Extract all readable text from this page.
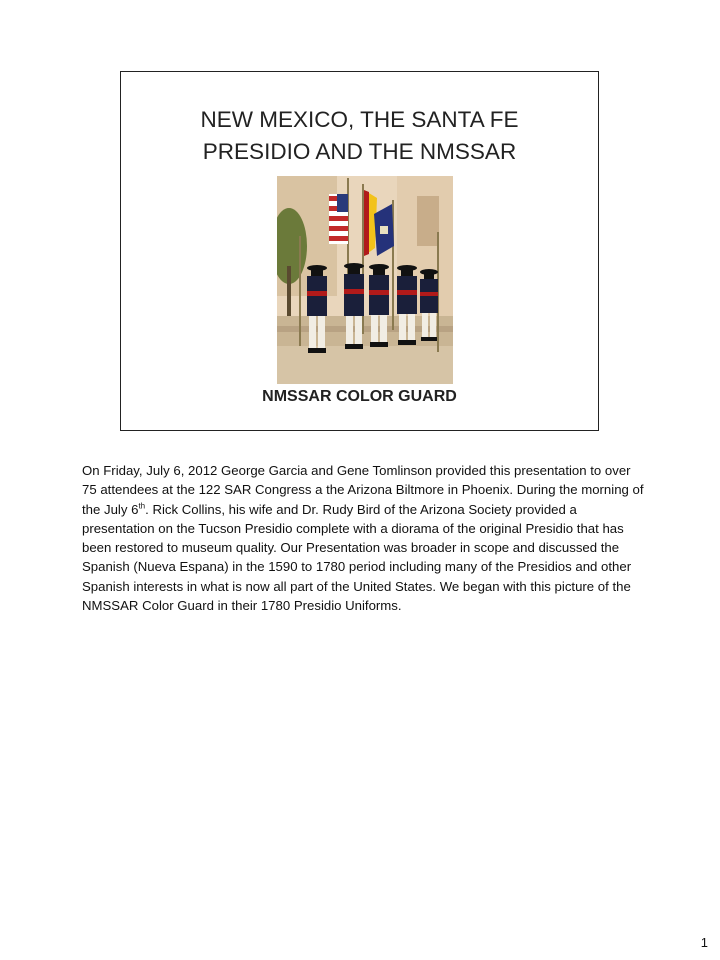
NEW MEXICO, THE SANTA FE
PRESIDIO AND THE NMSSAR

NMSSAR COLOR GUARD

On Friday, July 6, 2012 George Garcia and Gene Tomlinson provided this presentation to over 75 attendees at the 122 SAR Congress a the Arizona Biltmore in Phoenix. During the morning of the July 6th. Rick Collins, his wife and Dr. Rudy Bird of the Arizona Society provided a presentation on the Tucson Presidio complete with a diorama of the original Presidio that has been restored to museum quality. Our Presentation was broader in scope and discussed the Spanish (Nueva Espana) in the 1590 to 1780 period including many of the Presidios and other Spanish interests in what is now all part of the United States. We began with this picture of the NMSSAR Color Guard in their 1780 Presidio Uniforms.

1
